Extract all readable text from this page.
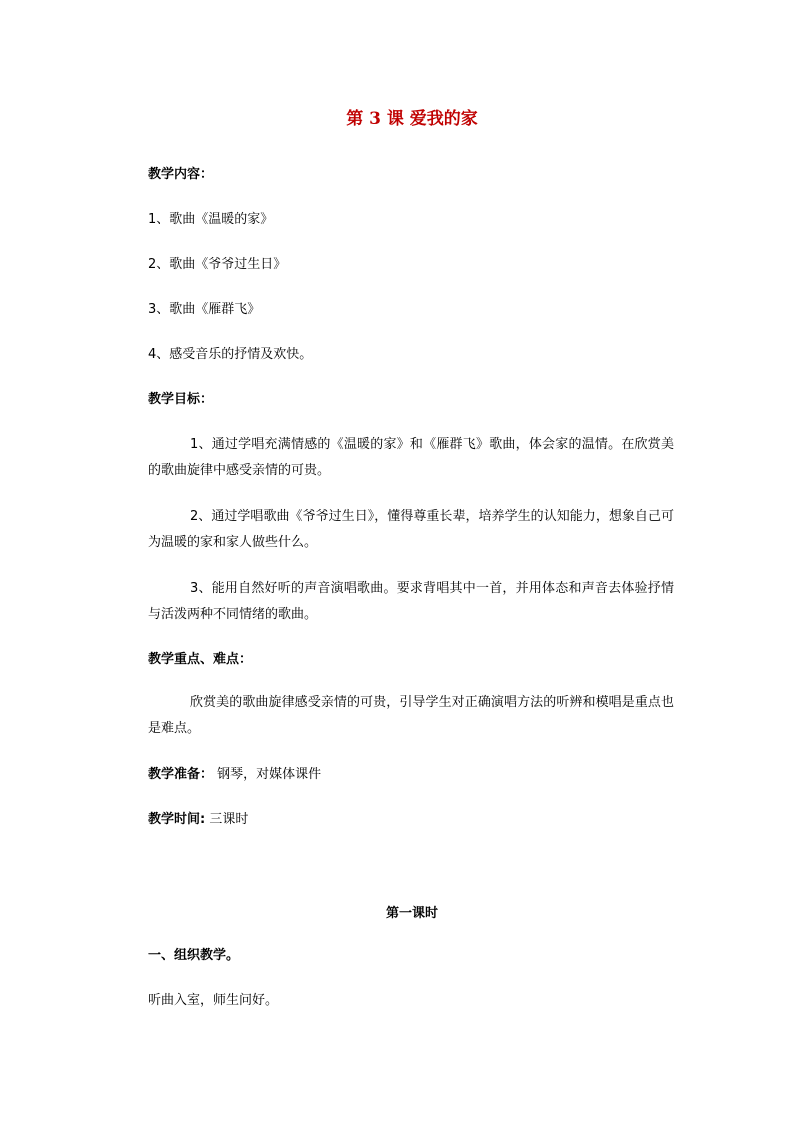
第 3 课 爱我的家
教学内容：
1、歌曲《温暖的家》
2、歌曲《爷爷过生日》
3、歌曲《雁群飞》
4、感受音乐的抒情及欢快。
教学目标：
1、通过学唱充满情感的《温暖的家》和《雁群飞》歌曲，体会家的温情。在欣赏美的歌曲旋律中感受亲情的可贵。
2、通过学唱歌曲《爷爷过生日》，懂得尊重长辈，培养学生的认知能力，想象自己可为温暖的家和家人做些什么。
3、能用自然好听的声音演唱歌曲。要求背唱其中一首，并用体态和声音去体验抒情与活泼两种不同情绪的歌曲。
教学重点、难点：
欣赏美的歌曲旋律感受亲情的可贵，引导学生对正确演唱方法的听辨和模唱是重点也是难点。
教学准备： 钢琴，对媒体课件
教学时间: 三课时
第一课时
一、组织教学。
听曲入室，师生问好。
